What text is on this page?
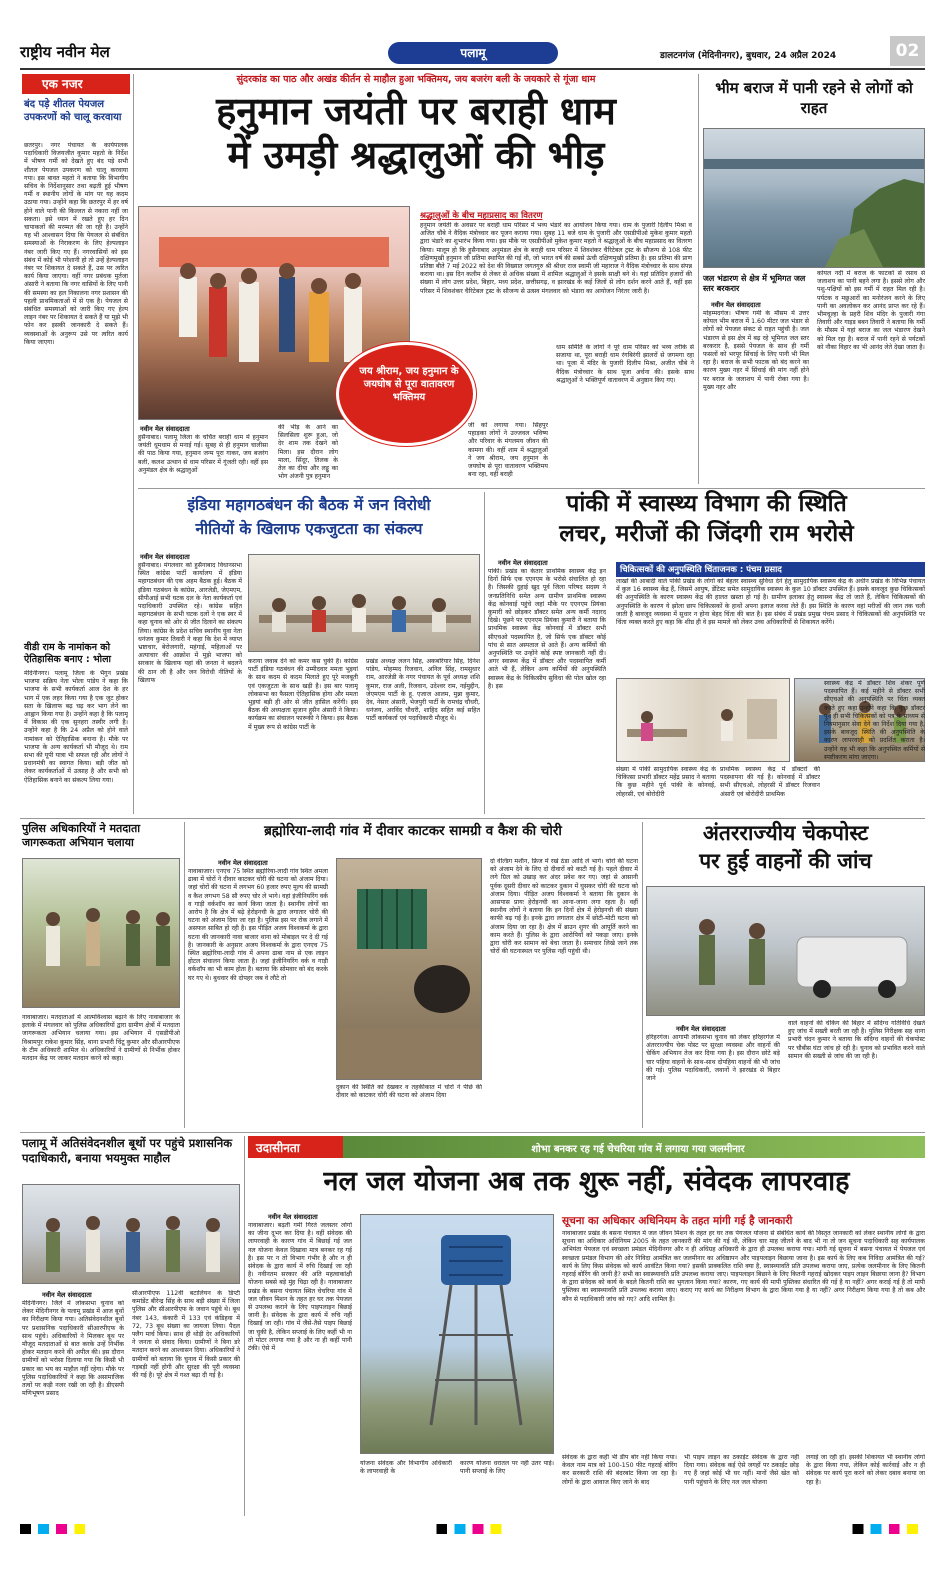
राष्ट्रीय नवीन मेल	पलामू	डालटनगंज (मेदिनीनगर), बुधवार, 24 अप्रैल 2024	02
एक नजर
बंद पड़े शीतल पेयजल उपकरणों को चालू करवाया
छतरपुर। नगर पंचायत के कार्यपालक पदाधिकारी विजयजीत कुमार महतो के निर्देश में भीषण गर्मी को देखते हुए बंद पड़े सभी शीतल पेयजल उपकरण को चालू करवाया गया। इस बावत महतो ने बताया कि विभागीय सचिव के निर्देशानुसार तथा बढ़ती हुई भीषण गर्मी व स्थानीय लोगों के मांग पर यह कदम उठाया गया। उन्होंने कहा कि छतरपुर में हर वर्ष होने वाले पानी की किल्लत से नकारा नहीं जा सकता। इसे ध्यान में रखते हुए हर दिन चापाकलों की मरम्मत की जा रही है। उन्होंने यह भी आश्वासन दिया कि पेयजल से संबंधित समस्याओं के निराकरण के लिए हेल्पलाइन नंबर जारी किए गए हैं। नगरवासियों को इस संबंध में कोई भी परेशानी हो तो उन्हें हेल्पलाइन नंबर पर शिकायत दे सकते हैं, उस पर त्वरित कार्य किया जाएगा। वहीं नगर प्रबंधक मुर्तजा अंसारी ने बताया कि नगर वासियों के लिए पानी की समस्या का हल निकालना नगर प्रशासन की पहली प्राथमिकताओं में से एक है। पेयजल से संबंधित समस्याओं को जारी किए गए हेल्प लाइन नंबर पर शिकायत दे सकते हैं या मुझे भी फोन कर इसकी जानकारी दे सकते हैं। व्यवस्थाओं के अनुरूप उसे पर त्वरित कार्य किया जाएगा।
वीडी राम के नामांकन को ऐतिहासिक बनाए : भोला
मेदिनीनगर। पलामू जिला के भैंगुन प्रखंड भाजपा सक्रिय नेता भोला पांडेय ने कहा कि भाजपा के सभी कार्यकर्ता आज देश के हर भाग में एक लहर किया गया है एक जुट होकर सता के खिलाफ बढ़ चढ़ कर भाग लेने का आह्वान किया गया है। उन्होंने कहा है कि पलामू में विकास की एक सुनहरा तस्वीर लगी है। उन्होंने कहा है कि 24 अप्रैल को होने वाले नामांकन को ऐतिहासिक बनाना है। मौके पर भाजपा के अन्य कार्यकर्ता भी मौजूद थे। राम सभा की यूपी यात्रा भी सफल रही और लोगों ने प्रधानमंत्री का स्वागत किया। बड़ी जीत को लेकर कार्यकर्ताओं में उत्साह है और सभी को ऐतिहासिक बनाने का संकल्प लिया गया।
सुंदरकांड का पाठ और अखंड कीर्तन से माहौल हुआ भक्तिमय, जय बजरंग बली के जयकारे से गूंजा धाम
हनुमान जयंती पर बराही धाम
में उमड़ी श्रद्धालुओं की भीड़
श्रद्धालुओं के बीच महाप्रसाद का वितरण
हनुमान जयंती के अवसर पर बराही धाम परिसर में भव्य भंडारे का आयोजन किया गया। धाम के पुजारी दिलीप मिश्रा व अजित चौबे ने वैदिक मंत्रोच्चार कर पूजन कराया गया। सुबह 11 बजे धाम के पुजारी और एसडीपीओ मुकेश कुमार महतो द्वारा भंडारे का शुभारंभ किया गया। इस मौके पर एसडीपीओ मुकेश कुमार महतो ने श्रद्धालुओं के बीच महाप्रसाद का वितरण किया। मालूम हो कि हुसैनाबाद अनुमंडल क्षेत्र के बराही धाम परिसर में शिवशंकर चैरिटेबल ट्रस्ट के सौजन्य से 108 फीट दक्षिणमुखी हनुमान जी प्रतिमा स्थापित की गई थी, जो भारत वर्ष की सबसे ऊंची दक्षिणमुखी प्रतिमा है। इस प्रतिमा की प्राण प्रतिष्ठा बीते 7 मई 2022 को देश की विख्यात जगतगुरु श्री श्रीधर राज स्वामी जी महाराज ने वैदिक मंत्रोच्चार के साथ संपन्न कराया था। इस दिन कलीम से लेकर से अधिक संख्या में शामिल श्रद्धालुओं ने इसके साक्षी बने थे। यहां प्रतिदिन हजारों की संख्या में लोग उत्तर प्रदेश, बिहार, मध्य प्रदेश, छत्तीसगढ़, व झारखंड के कई जिलों से लोग दर्शन करने आते हैं, वहीं इस परिसर में शिवशंकर चैरिटेबल ट्रस्ट के सौजन्य से उत्सव मंगलवार को भंडारा का आयोजन निरंतर जारी है।
जय श्रीराम, जय हनुमान के जयघोष से पूरा वातावरण भक्तिमय
नवीन मेल संवाददाता
हुसैनाबाद। पलामू जिला के चर्चित बराही धाम में हनुमान जयंती धूमधाम से मनाई गई। सुबह से ही हनुमान चालीसा की पाठ किया गया, हनुमान जन्म पूरा गाकर, जय बजरंग बली, कलश उत्थान से धाम परिसर में गूंजती रही। वहीं इस अनुमंडल क्षेत्र के श्रद्धालुओं
की भीड़ के आने का सिलसिला शुरू हुआ, जो देर शाम तक देखने को मिला। इस दौरान लोग माला, सिंदूर, तिलक के तेल का दीया और लड्डू का भोग अंजनी पुत्र हनुमान
जी को लगाया गया। सिंहपुर पहाड़का लोगों ने उज्जवल भविष्य और परिवार के मंगलमय जीवन की कामना की। वहीं शाम में श्रद्धालुओं ने जय श्रीराम, जय हनुमान के जयघोष से पूरा वातावरण भक्तिमय बना रहा, वहीं बराही
धाम समिति के लोगों ने पूरे धाम परिसर को भव्य तरीके से सजाया था, पूरा बराही धाम रंगबिरंगी झालरों से जगमगा रहा था। पूजा में मंदिर के पुजारी दिलीप मिश्रा, अजीत चौबे ने वैदिक मंत्रोच्चार के साथ पूजा अर्चना की। इसके साथ श्रद्धालुओं ने भक्तिपूर्ण वातावरण में अनुष्ठान किए गए।
भीम बराज में पानी रहने से लोगों को राहत
जल भंडारण से क्षेत्र में भूमिगत जल स्तर बरकरार
नवीन मेल संवाददाता
मोहम्मदगंज। भीषण गर्मी के मौसम में उत्तर कोयल भीम बराज में 1.60 मीटर जल भंडार से लोगों को पेयजल संकट से राहत पहुंची है। जल भंडारण से इस क्षेत्र में बढ़ रहे भूमिगत जल स्तर बरकरार है, इससे पेयजल के साथ ही गर्मी फसलों को भरपूर सिंचाई के लिए पानी भी मिल रहा है। बराज के सभी फाटक को बंद करने का कारण मुख्य नहर में सिंचाई की मांग नहीं होने पर बराज के जलाशय में पानी रोका गया है। मुख्य नहर और
कोयल नदी में बराज के फाटकों से रसाव से जलाशय का पानी बहने लगा है। इससे लोग और पशु-पक्षियों को इस गर्मी में राहत मिल रही है। पर्यटक व मछुआरों का मनोरंजन करने के लिए पानी का अवलोकन कर आनंद प्राप्त कर रहे हैं। भीमचूल्हा के प्रहरी शिव मंदिर के पुजारी गंगा तिवारी और गाइड बबन तिवारी ने बताया कि गर्मी के मौसम में यहां बराज का जल भंडारण देखने को मिल रहा है। बराज में पानी रहने से पर्यटकों को नौका विहार का भी आनंद लेते देखा जाता है।
इंडिया महागठबंधन की बैठक में जन विरोधी
नीतियों के खिलाफ एकजुटता का संकल्प
नवीन मेल संवाददाता
हुसैनाबाद। मंगलवार को हुसैनाबाद विधानसभा स्थित कांग्रेस पार्टी कार्यालय में इंडिया महागठबंधन की एक अहम बैठक हुई। बैठक में इंडिया गठबंधन के कांग्रेस, आरजेडी, जेएमएम, सीपीआई सभी घटक दल के नेता कार्यकर्ता एवं पदाधिकारी उपस्थित रहे। कांग्रेस सहित महागठबंधन के सभी घटक दलों ने एक स्वर में कहा चुनाव को ओर से जीत दिलाने का संकल्प लिया। कांग्रेस के प्रदेश सचिव स्थानीय युवा नेता धनंजय कुमार तिवारी ने कहा कि देश में व्याप्त भ्रष्टाचार, बेरोजगारी, महंगाई, महिलाओं पर अत्याचार की आक्रोश में मुझे भाजपा को सरकार के खिलाफ यहां की जनता ने बदलने की ठान ली है और जन विरोधी नीतियों के खिलाफ
कराया जवाब देने को कमर कस चुकी है। कांग्रेस पार्टी इंडिया गठबंधन की उम्मीदवार ममता भुइयां के साथ कदम से कदम मिलाते हुए पूरे मजबूती एवं एकजुटता के साथ खड़ी है। इस बार पलामू लोकसभा का फैसला ऐतिहासिक होगा और ममता भुइयां बड़ी ही ओर से जीत हासिल करेंगी। इस बैठक की अध्यक्षता सुजान हुसैन अंसारी ने किया। कार्यक्रम का संचालन फारूकी ने किया। इस बैठक में मुख्य रूप से कांग्रेस पार्टी के
प्रखंड अध्यक्ष ललन सिंह, अकबरियार सिंह, दिनेश पांडेय, मोहम्मद रिजवान, अनिल सिंह, रामसुधार राम, आरजेडी के नगर पंचायत के पूर्व अध्यक्ष शशि कुमार, राज अली, रिजवान, उदेश्वर राम, नईमुद्दीन, जेएमएम पार्टी के हु. एजाज आलम, मुन्ना कुमार, देव, नेसार अंसारी, भेजपुरी पार्टी के रामचंद्र चौधरी, धनंजय, अरविंद चौधरी, शाहिद सहित कई सहित पार्टी कार्यकर्ता एवं पदाधिकारी मौजूद थे।
पांकी में स्वास्थ्य विभाग की स्थिति
लचर, मरीजों की जिंदगी राम भरोसे
नवीन मेल संवाददाता
पांकी। प्रखंड का केतार प्राथमिक स्वास्थ्य केंद्र इन दिनों सिर्फ एक एएनएम के भरोसे संचालित हो रहा है। जिसकी दुहाई खुद पूर्व जिला परिषद सदस्य ने जनप्रतिनिधि समेत अन्य ग्रामीण प्राथमिक स्वास्थ्य केंद्र कोनवाई पहुंचे जहां मौके पर एएनएम प्रियंका कुमारी को छोड़कर डॉक्टर समेत अन्य कर्मी नदारद दिखे। पूछने पर एएनएम प्रियंका कुमारी ने बताया कि प्राथमिक स्वास्थ्य केंद्र कोनवाई में डॉक्टर सभी सीएचओ पदस्थापित है, जो सिर्फ एक डॉक्टर कोई पांच से सात अस्पताल से आते हैं। अन्य कर्मियों की अनुपस्थिति पर उन्होंने कोई स्पष्ट जानकारी नहीं दी। अगर स्वास्थ्य केंद्र में डॉक्टर और पदस्थापित कर्मी आते भी हैं, लेकिन अन्य कर्मियों की अनुपस्थिति स्वास्थ्य केंद्र के चिकित्सीय सुविधा की पोल खोल रहा है। इस
चिकित्सकों की अनुपस्थिति चिंताजनक : पंचम प्रसाद
लाखों की आबादी वाले पांकी प्रखंड के लोगों को बेहतर स्वास्थ्य सुविधा देने हेतु सामुदायिक स्वास्थ्य केंद्र के अधीन प्रखंड के विभिन्न पंचायत में कुल 16 स्वास्थ्य केंद्र हैं, जिसमें आयुष, डेंटिस्ट समेत सामुदायिक स्वास्थ्य के कुल 10 डॉक्टर उपस्थित हैं। इसके बावजूद कुछ चिकित्सकों की अनुपस्थिति के कारण स्वास्थ्य केंद्र की हालत खस्ता हो गई है। ग्रामीण इलाका हेतु स्वास्थ्य केंद्र तो जाते हैं, लेकिन चिकित्सकों की अनुपस्थिति के कारण ये झोला छाप चिकित्सकों के हाथों अपना इलाज करवा लेते हैं। इस स्थिति के कारण वहां मरीजों की जान तक चली जाती है बावजूद व्यवस्था में सुधार न होना बेहद चिंता की बात है। इस संबंध में प्रखंड प्रमुख पंचम प्रसाद ने चिकित्सकों की अनुपस्थिति पर चिंता व्यक्त करते हुए कहा कि शीघ्र ही वे इस मामले को लेकर उच्च अधिकारियों से शिकायत करेंगे।
संख्या में पांकी सामुदायिक स्वास्थ्य केंद्र के चिकित्सा प्रभारी डॉक्टर महेंद्र प्रसाद ने बताया कि कुछ महीने पूर्व पांकी के कोनवई, लोहरसी, एवं बोरोदीरी
प्राथमिक स्वास्थ्य केंद्र में डॉक्टरों की पदस्थापना की गई है। कोनवाई में डॉक्टर सभी सीएचओ, लोहरसी में डॉक्टर रिजवान अंसारी एवं बोरोदीरी प्राथमिक
स्वास्थ्य केंद्र में डॉक्टर शिव शंकर पूर्ण पदस्थापित हैं। कई महीने से डॉक्टर सभी सीएचओ की अनुपस्थिति पर चिंता व्यक्त करते हुए कहा उन्होंने कहा कि कुछ डॉक्टर पूर्व ही सभी चिकित्सकों को पत्र के माध्यम से नियमानुसार सेवा देने का निर्देश दिया गया है, इसके बावजूद स्थिति की अनुपस्थिति के कारण लापरवाही को प्रदर्शित कराता है। उन्होंने यह भी कहा कि अनुपस्थित कर्मियों से स्पष्टीकरण मांगा जाएगा।
पुलिस अधिकारियों ने मतदाता जागरूकता अभियान चलाया
नावाबाजार। मतदाताओं में आत्मविश्वास बढ़ाने के लिए नावाबाजार के इलाके में मंगलवार को पुलिस अधिकारियों द्वारा ग्रामीण क्षेत्रों में मतदाता जागरूकता अभियान चलाया गया। इस अभियान में एसडीपीओ विश्रामपुर राकेश कुमार सिंह, थाना प्रभारी चिंटू कुमार और सीआरपीएफ के टीम अधिकारी शामिल थे। अधिकारियों ने ग्रामीणों से निर्भीक होकर मतदान केंद्र पर जाकर मतदान करने को कहा।
ब्रह्मोरिया-लादी गांव में दीवार काटकर सामग्री व कैश की चोरी
नवीन मेल संवाददाता
नावाबाजार। एनएच 75 स्थित ब्रह्मोरिया-लादी गांव स्थित अमला ढाबा में चोरों ने दीवार काटकर चोरी की घटना को अंजाम दिया। जहां चोरों की घटना में लगभग 60 हजार रुपए मूल्य की सामग्री व कैश लगभग 58 सौ रुपए चोर ले भागे। वहां इंजीनियरिंग वर्क व गाड़ी वर्कशॉप का कार्य किया जाता है। स्थानीय लोगों का आरोप है कि क्षेत्र में बढ़े हेरोइनची के द्वारा लगातार चोरी की घटना को अंजाम दिया जा रहा है। पुलिस इस पर रोक लगाने में असफल साबित हो रही है। इस पीड़ित अजय विश्वकर्मा के द्वारा घटना की जानकारी नावा बाजार थाना को मोबाइल पर दे दी गई है। जानकारी के अनुसार अजय विश्वकर्मा के द्वारा एनएच 75 स्थित ब्रह्मोरिया-लादी गांव में अपना ढाबा नाम से एक लाइन होटल संचालन किया जाता है। जहां इंजीनियरिंग वर्क व गाड़ी वर्कशॉप का भी काम होता है। बताया कि सोमवार को बंद करके घर गए थे। बुधवार की दोपहर जब वे लौटे तो
दुकान की स्थिति को देखकर व तहकीकात में चोरों ने पीछे की दीवार को काटकर चोरी की घटना को अंजाम दिया
दो वेल्डिंग मशीन, फ्रिज में रखे ठंडा आदि ले भागे। चोरों की घटना को अंजाम देने के लिए दो दीवारों को काटी गई है। पहले दीवार में लगे ग्रिल को उखाड़ कर अंदर प्रवेश कर गए। जहां से आसानी पूर्वक दूसरी दीवार को काटकर दुकान में घुसकर चोरी की घटना को अंजाम दिया। पीड़ित अजय विश्वकर्मा ने बताया कि दुकान के आसपास प्रायः हेरोइनची का आना-जाना लगा रहता है। वहीं स्थानीय लोगों ने बताया कि इन दिनों क्षेत्र में हेरोइनची की संख्या काफी बढ़ गई है। इनके द्वारा लगातार क्षेत्र में छोटी-मोटी घटना को अंजाम दिया जा रहा है। क्षेत्र में ब्राउन शुगर की आपूर्ति करने का काम करते हैं। पुलिस के द्वारा आरोपियों को पकड़ा जाए। इनके द्वारा चोरी कर सामान को बेचा जाता है। समाचार लिखे जाने तक चोरों की घटनास्थल पर पुलिस नहीं पहुंची थी।
अंतरराज्यीय चेकपोस्ट
पर हुई वाहनों की जांच
नवीन मेल संवाददाता
हरिहरगंज। आगामी लोकसभा चुनाव को लेकर हरिहरगंज में अंतरराज्यीय चेक पोस्ट पर सुरक्षा व्यवस्था और वाहनों की चेकिंग अभियान तेज कर दिया गया है। इस दौरान छोटे बड़े चार पहिया वाहनों के साथ-साथ दोपहिया वाहनों की भी जांच की गई। पुलिस पदाधिकारी, जवानों ने झारखंड से बिहार जाने
वाले वाहनों की चेकिंग की बिहार में संदिग्ध गतिविधि देखते हुए जांच में सख्ती बरती जा रही है। पुलिस निरीक्षक सह थाना प्रभारी चंदन कुमार ने बताया कि संदिग्ध वाहनों की चेकपोस्ट पर चौबीस घंटा जांच हो रही है। चुनाव को प्रभावित करने वाले सामान की सख्ती से जांच की जा रही है।
पलामू में अतिसंवेदनशील बूथों पर पहुंचे प्रशासनिक पदाधिकारी, बनाया भयमुक्त माहौल
नवीन मेल संवाददाता
मेदिनीनगर। जिले में लोकसभा चुनाव को लेकर मेदिनीनगर के पलामू प्रखंड में आज बूथों का निरीक्षण किया गया। अतिसंवेदनशील बूथों पर प्रशासनिक पदाधिकारी सीआरपीएफ के साथ पहुंचे। अधिकारियों ने मिलकर बूथ पर मौजूद मतदाताओं से बात करके उन्हें निर्भीक होकर मतदान करने की अपील की। इस दौरान ग्रामीणों को भरोसा दिलाया गया कि किसी भी प्रकार का भय का माहौल नहीं रहेगा। मौके पर पुलिस पदाधिकारियों ने कहा कि असामाजिक तत्वों पर कड़ी नजर रखी जा रही है। डीएसपी मणिभूषण प्रसाद
सीआरपीएफ 112वीं बटालियन के डिप्टी कमांडेंट बीरेन्द्र सिंह के साथ बड़ी संख्या में जिला पुलिस और सीआरपीएफ के जवान पहुंचे थे। बूथ नंबर 143, कंकारी में 133 एवं कंडिहवा में 72, 73 बूथ संख्या का जायजा लिया। पैदल फ्लैग मार्च किया। साथ ही थोड़ी देर अधिकारियों ने जनता से संवाद किया। ग्रामीणों ने बिना डरे मतदान करने का आश्वासन दिया। अधिकारियों ने ग्रामीणों को बताया कि चुनाव में किसी प्रकार की गड़बड़ी नहीं होगी और सुरक्षा की पूरी व्यवस्था की गई है। पूरे क्षेत्र में गश्त बढ़ा दी गई है।
उदासीनता	शोभा बनकर रह गई चेचरिया गांव में लगाया गया जलमीनार
नल जल योजना अब तक शुरू नहीं, संवेदक लापरवाह
नवीन मेल संवाददाता
नावाबाजार। बढ़ती गर्मी गिरते जलस्तर लोगों का जीना दूभर कर दिया है। वहीं संवेदक की लापरवाही के कारण गांव में बिछाई गई जल नल योजना केवल दिखावा मात्र बनकर रह गई है। इस पर न तो विभाग गंभीर है और न ही संवेदक के द्वारा कार्य में रुचि दिखाई जा रही है। नवीनतम सरकार की अति महत्वाकांक्षी योजना सबसे बड़े मुंह चिढ़ा रही है। नावाबाजार प्रखंड के बसना पंचायत स्थित चेचरिया गांव में जल जीवन मिशन के तहत हर घर तक पेयजल से उपलब्ध कराने के लिए पाइपलाइन बिछाई जानी है। संवेदक के द्वारा कार्य में रुचि नहीं दिखाई जा रही। गांव में जैसे-तैसे पाइप बिछाई जा चुकी है, लेकिन सप्लाई के लिए कहीं भी ना तो मोटर लगाया गया है और ना ही कहीं पानी टंकी। ऐसे में
योजना संवेदक और विभागीय अधिकारी के लापरवाही के
कारण योजना धरातल पर नहीं उतर पाई। पानी सप्लाई के लिए
सूचना का अधिकार अधिनियम के तहत मांगी गई है जानकारी
नावाबाजार प्रखंड के बसना पंचायत में जल जीवन मिशन के तहत हर घर तक पेयजल योजना से संबंधित कार्य की विस्तृत जानकारी को लेकर स्थानीय लोगों के द्वारा सूचना का अधिकार अधिनियम 2005 के तहत जानकारी की मांग की गई थी, लेकिन चार माह जीतने के बाद भी ना तो जन सूचना पदाधिकारी सह कार्यपालक अभियंता पेयजल एवं स्वच्छता प्रमंडल मेदिनीनगर और न ही अधिग्रह अधिकारी के द्वारा ही उपलब्ध कराया गया। मांगी गई सूचना में बसना पंचायत में पेयजल एवं स्वच्छता प्रमंडल विभाग की ओर निविदा आमंत्रित कर जलमीनार का अधिष्ठापन और पाइपलाइन बिछाया जाना है। इस कार्य के लिए कब निविदा आमंत्रित की गई? कार्य के लिए किस संवेदक को कार्य आवंटित किया गया? इसकी प्राक्कलित राशि क्या है, स्वास्थ्यावति प्रति उपलब्ध कराया जाए, प्रत्येक जलमीनार के लिए कितनी गहराई बोरिंग की जानी है? सभी का स्वास्थ्यावति प्रति उपलब्ध कराया जाए। पाइपलाइन बिछाने के लिए कितनी गहराई खोदकर पाइप लाइन बिछाया जाना है? विभाग के द्वारा संवेदक को कार्य के बदले कितनी राशि का भुगतान किया गया? कारण, गए कार्य की मापी पुस्तिका संधारित की गई है या नहीं? अगर कराई गई है तो मापी पुस्तिका का स्वास्थ्यावति प्रति उपलब्ध कराया जाए। कराए गए कार्य का निरीक्षण विभाग के द्वारा किया गया है या नहीं? अगर निरीक्षण किया गया है तो कब और कौन से पदाधिकारी जांच को गए? आदि शामिल है।
संवेदक के द्वारा कहीं भी डीप बोर नहीं किया गया। केवल नाम मात्र को 100-150 फीट गहराई बोरिंग कर सरकारी राशि की बंदरबांट किया जा रहा है। लोगों के द्वारा आवाज किए जाने के बाद
भी पाइप लाइन का ठकाईट संवेदक के द्वारा नहीं दिया गया। संवेदक कई ऐसे जगहों पर ठकाईट छोड़ गए हैं जहां कोई भी घर नहीं। मानों जैसे खेत को पानी पहुंचाने के लिए नल जल योजना
लगाई जा रही हो। इसकी शिकायत भी स्थानीय लोगों के द्वारा किया गया, लेकिन कोई कार्रवाई और न ही संवेदक पर कार्य पूरा करने को लेकर दबाव बनाया जा रहा है।
